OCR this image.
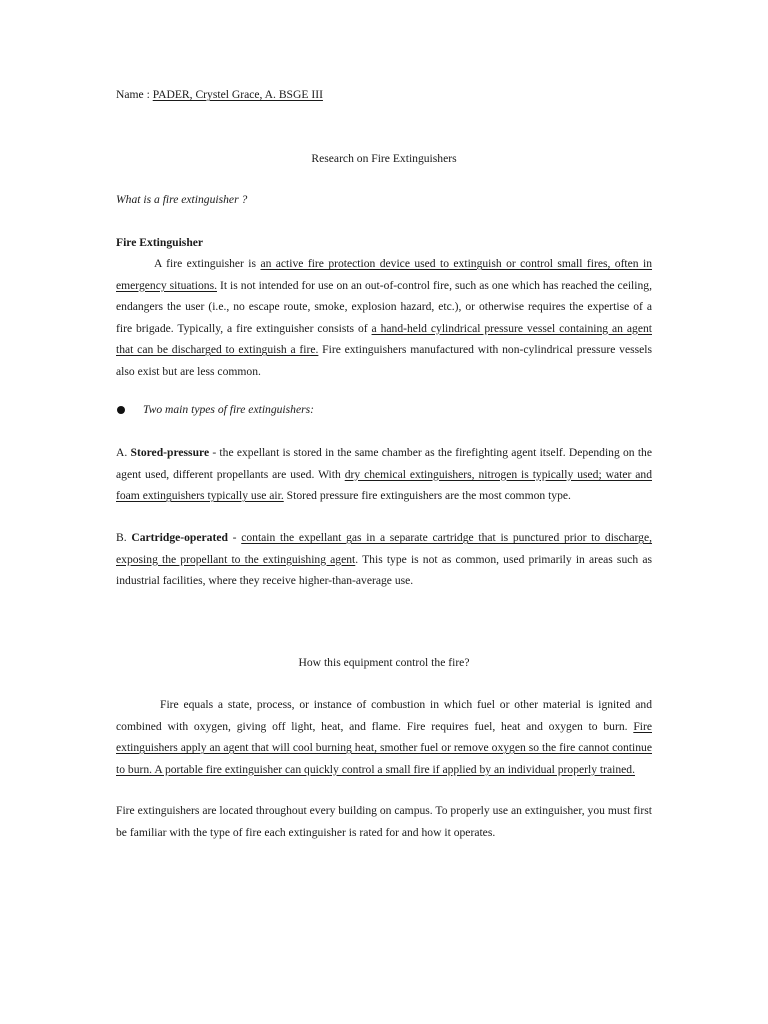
Name : PADER, Crystel Grace, A. BSGE III
Research on Fire Extinguishers
What is a fire extinguisher ?
Fire Extinguisher
A fire extinguisher is an active fire protection device used to extinguish or control small fires, often in emergency situations. It is not intended for use on an out-of-control fire, such as one which has reached the ceiling, endangers the user (i.e., no escape route, smoke, explosion hazard, etc.), or otherwise requires the expertise of a fire brigade. Typically, a fire extinguisher consists of a hand-held cylindrical pressure vessel containing an agent that can be discharged to extinguish a fire. Fire extinguishers manufactured with non-cylindrical pressure vessels also exist but are less common.
Two main types of fire extinguishers:
A. Stored-pressure - the expellant is stored in the same chamber as the firefighting agent itself. Depending on the agent used, different propellants are used. With dry chemical extinguishers, nitrogen is typically used; water and foam extinguishers typically use air. Stored pressure fire extinguishers are the most common type.
B. Cartridge-operated - contain the expellant gas in a separate cartridge that is punctured prior to discharge, exposing the propellant to the extinguishing agent. This type is not as common, used primarily in areas such as industrial facilities, where they receive higher-than-average use.
How this equipment control the fire?
Fire equals a state, process, or instance of combustion in which fuel or other material is ignited and combined with oxygen, giving off light, heat, and flame. Fire requires fuel, heat and oxygen to burn. Fire extinguishers apply an agent that will cool burning heat, smother fuel or remove oxygen so the fire cannot continue to burn. A portable fire extinguisher can quickly control a small fire if applied by an individual properly trained.
Fire extinguishers are located throughout every building on campus. To properly use an extinguisher, you must first be familiar with the type of fire each extinguisher is rated for and how it operates.
